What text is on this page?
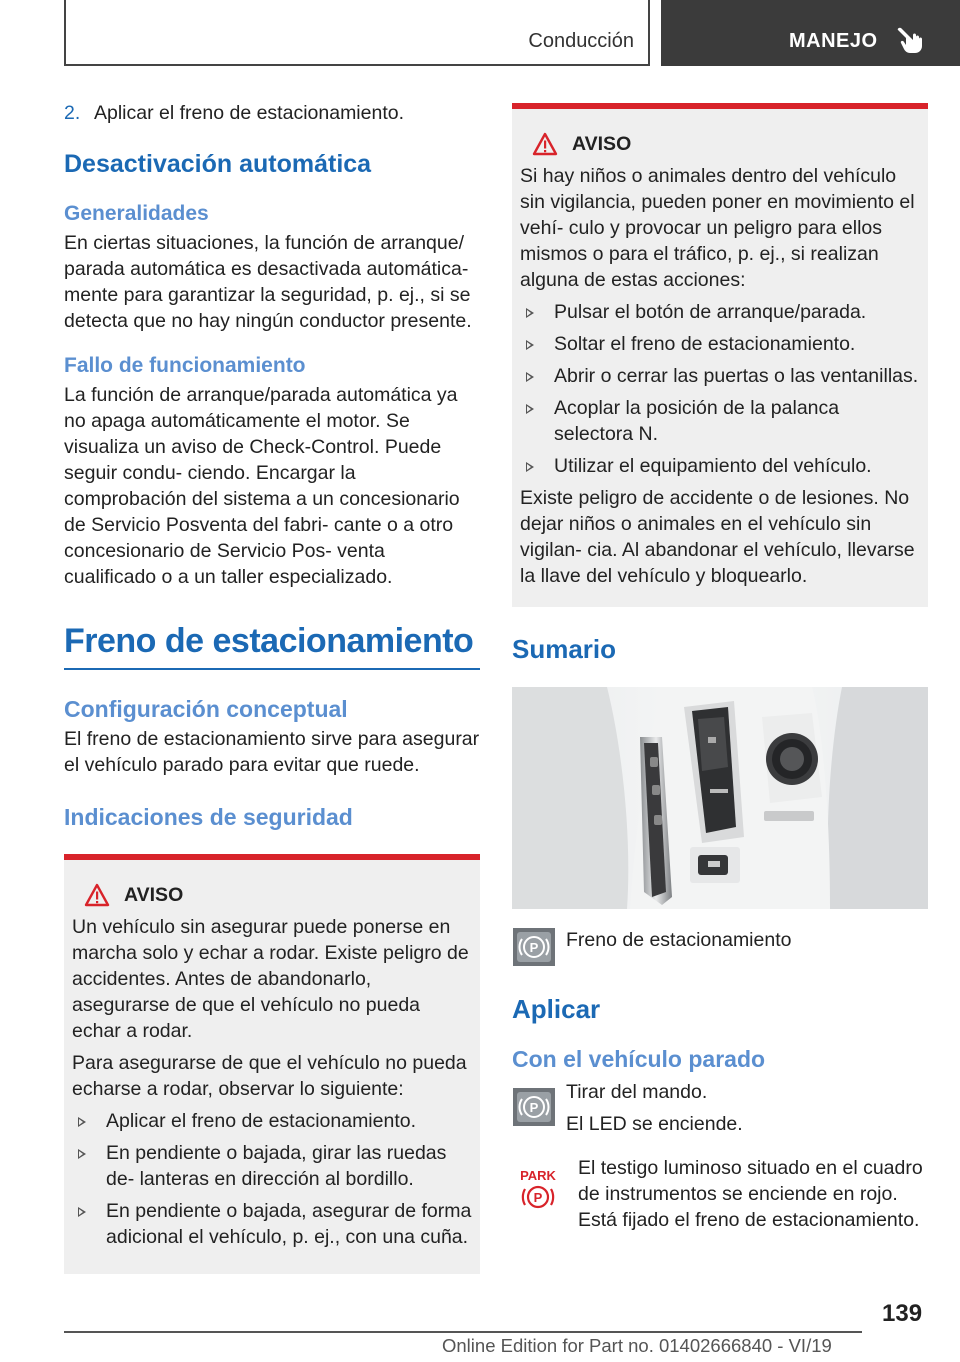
Conducción	MANEJO

2. Aplicar el freno de estacionamiento.

Desactivación automática
Generalidades

En ciertas situaciones, la función de arranque/ parada automática es desactivada automática‐ mente para garantizar la seguridad, p. ej., si se detecta que no hay ningún conductor presente.

Fallo de funcionamiento

La función de arranque/parada automática ya no apaga automáticamente el motor. Se visualiza un aviso de Check-Control. Puede seguir condu‐ ciendo. Encargar la comprobación del sistema a un concesionario de Servicio Posventa del fabri‐ cante o a otro concesionario de Servicio Pos‐ venta cualificado o a un taller especializado.

Freno de estacionamiento
Configuración conceptual

El freno de estacionamiento sirve para asegurar el vehículo parado para evitar que ruede.

Indicaciones de seguridad
AVISO

Un vehículo sin asegurar puede ponerse en marcha solo y echar a rodar. Existe peligro de accidentes. Antes de abandonarlo, asegurarse de que el vehículo no pueda echar a rodar.

Para asegurarse de que el vehículo no pueda echarse a rodar, observar lo siguiente:

Aplicar el freno de estacionamiento.
En pendiente o bajada, girar las ruedas de‐ lanteras en dirección al bordillo.
En pendiente o bajada, asegurar de forma adicional el vehículo, p. ej., con una cuña.
AVISO

Si hay niños o animales dentro del vehículo sin vigilancia, pueden poner en movimiento el vehí‐ culo y provocar un peligro para ellos mismos o para el tráfico, p. ej., si realizan alguna de estas acciones:

Pulsar el botón de arranque/parada.
Soltar el freno de estacionamiento.
Abrir o cerrar las puertas o las ventanillas.
Acoplar la posición de la palanca selectora N.
Utilizar el equipamiento del vehículo.

Existe peligro de accidente o de lesiones. No dejar niños o animales en el vehículo sin vigilan‐ cia. Al abandonar el vehículo, llevarse la llave del vehículo y bloquearlo.

Sumario
P Freno de estacionamiento

Aplicar
Con el vehículo parado
P

Tirar del mando.

El LED se enciende.

PARK
P

El testigo luminoso situado en el cuadro de instrumentos se enciende en rojo. Está fijado el freno de estacionamiento.

139
Online Edition for Part no. 01402666840 - VI/19
